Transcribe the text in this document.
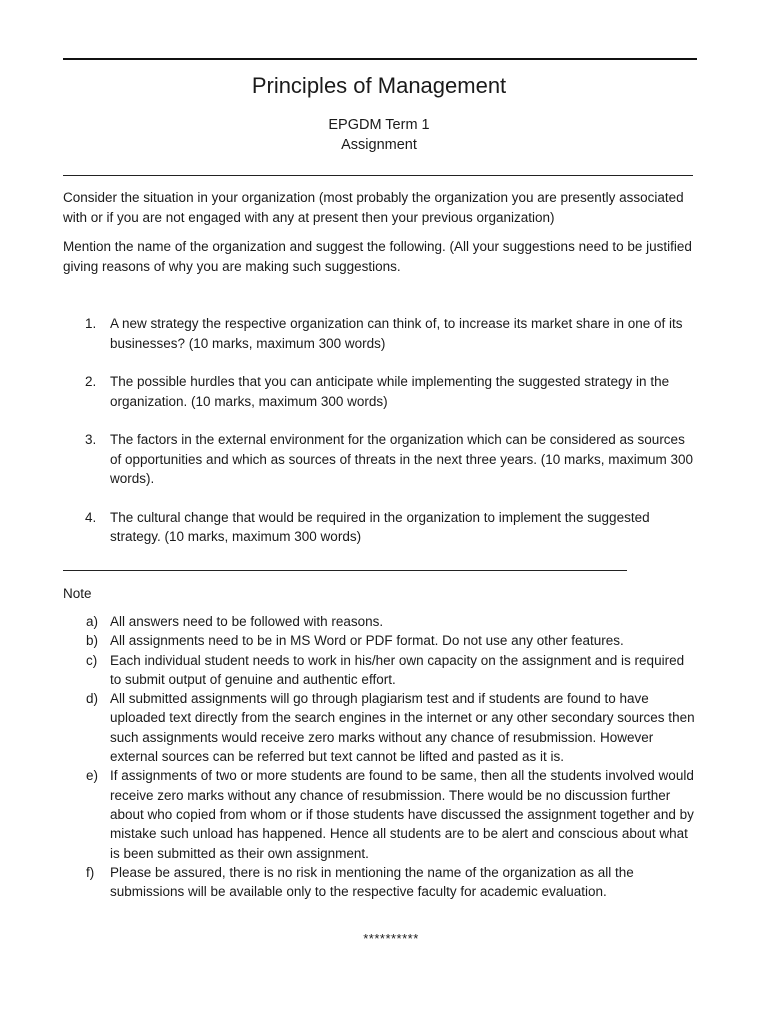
Principles of Management
EPGDM Term 1
Assignment

Consider the situation in your organization (most probably the organization you are presently associated with or if you are not engaged with any at present then your previous organization)

Mention the name of the organization and suggest the following. (All your suggestions need to be justified giving reasons of why you are making such suggestions.

1. A new strategy the respective organization can think of, to increase its market share in one of its businesses? (10 marks, maximum 300 words)
2. The possible hurdles that you can anticipate while implementing the suggested strategy in the organization. (10 marks, maximum 300 words)
3. The factors in the external environment for the organization which can be considered as sources of opportunities and which as sources of threats in the next three years. (10 marks, maximum 300 words).
4. The cultural change that would be required in the organization to implement the suggested strategy. (10 marks, maximum 300 words)
Note
a) All answers need to be followed with reasons.
b) All assignments need to be in MS Word or PDF format. Do not use any other features.
c) Each individual student needs to work in his/her own capacity on the assignment and is required to submit output of genuine and authentic effort.
d) All submitted assignments will go through plagiarism test and if students are found to have uploaded text directly from the search engines in the internet or any other secondary sources then such assignments would receive zero marks without any chance of resubmission. However external sources can be referred but text cannot be lifted and pasted as it is.
e) If assignments of two or more students are found to be same, then all the students involved would receive zero marks without any chance of resubmission. There would be no discussion further about who copied from whom or if those students have discussed the assignment together and by mistake such unload has happened. Hence all students are to be alert and conscious about what is been submitted as their own assignment.
f) Please be assured, there is no risk in mentioning the name of the organization as all the submissions will be available only to the respective faculty for academic evaluation.
**********
